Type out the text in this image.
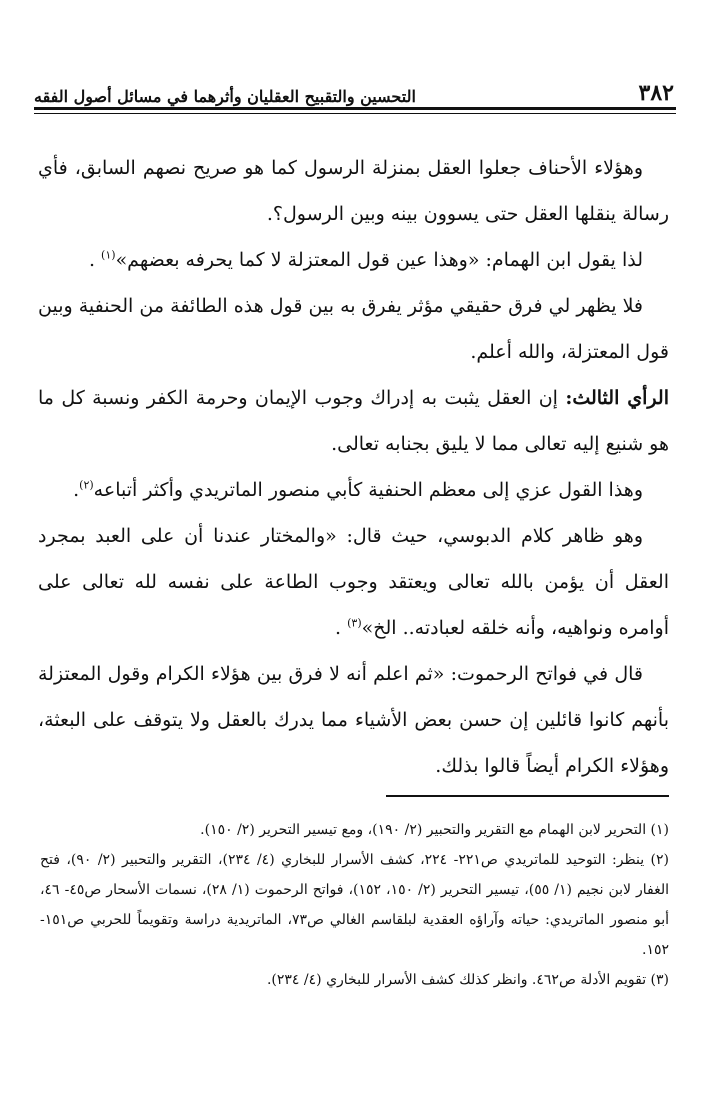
٣٨٢
التحسين والتقبيح العقليان وأثرهما في مسائل أصول الفقه

وهؤلاء الأحناف جعلوا العقل بمنزلة الرسول كما هو صريح نصهم السابق، فأي رسالة ينقلها العقل حتى يسوون بينه وبين الرسول؟.

لذا يقول ابن الهمام: «وهذا عين قول المعتزلة لا كما يحرفه بعضهم»$^{(١)}$ .

فلا يظهر لي فرق حقيقي مؤثر يفرق به بين قول هذه الطائفة من الحنفية وبين قول المعتزلة، والله أعلم.

الرأي الثالث: إن العقل يثبت به إدراك وجوب الإيمان وحرمة الكفر ونسبة كل ما هو شنيع إليه تعالى مما لا يليق بجنابه تعالى.

وهذا القول عزي إلى معظم الحنفية كأبي منصور الماتريدي وأكثر أتباعه$^{(٢)}$.

وهو ظاهر كلام الدبوسي، حيث قال: «والمختار عندنا أن على العبد بمجرد العقل أن يؤمن بالله تعالى ويعتقد وجوب الطاعة على نفسه لله تعالى على أوامره ونواهيه، وأنه خلقه لعبادته.. الخ»$^{(٣)}$ .

قال في فواتح الرحموت: «ثم اعلم أنه لا فرق بين هؤلاء الكرام وقول المعتزلة بأنهم كانوا قائلين إن حسن بعض الأشياء مما يدرك بالعقل ولا يتوقف على البعثة، وهؤلاء الكرام أيضاً قالوا بذلك.

(١) التحرير لابن الهمام مع التقرير والتحبير (٢/ ١٩٠)، ومع تيسير التحرير (٢/ ١٥٠).

(٢) ينظر: التوحيد للماتريدي ص٢٢١- ٢٢٤، كشف الأسرار للبخاري (٤/ ٢٣٤)، التقرير والتحبير (٢/ ٩٠)، فتح الغفار لابن نجيم (١/ ٥٥)، تيسير التحرير (٢/ ١٥٠، ١٥٢)، فواتح الرحموت (١/ ٢٨)، نسمات الأسحار ص٤٥- ٤٦، أبو منصور الماتريدي: حياته وآراؤه العقدية لبلقاسم الغالي ص٧٣، الماتريدية دراسة وتقويماً للحربي ص١٥١- ١٥٢.

(٣) تقويم الأدلة ص٤٦٢. وانظر كذلك كشف الأسرار للبخاري (٤/ ٢٣٤).
